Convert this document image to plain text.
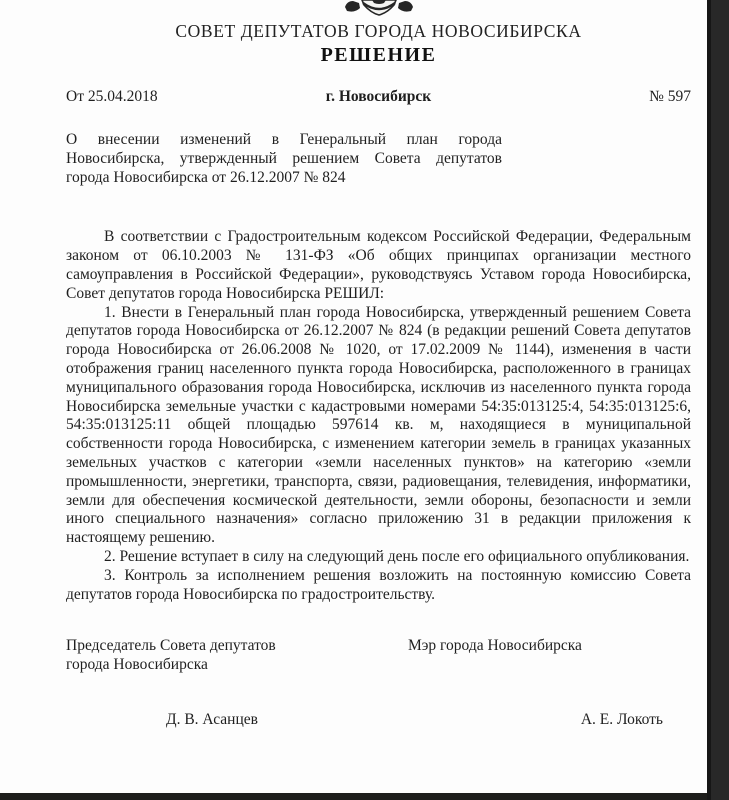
СОВЕТ ДЕПУТАТОВ ГОРОДА НОВОСИБИРСКА
РЕШЕНИЕ
От 25.04.2018	г. Новосибирск	№ 597
О внесении изменений в Генеральный план города Новосибирска, утвержденный решением Совета депутатов города Новосибирска от 26.12.2007 № 824

В соответствии с Градостроительным кодексом Российской Федерации, Федеральным законом от 06.10.2003 № 131-ФЗ «Об общих принципах организации местного самоуправления в Российской Федерации», руководствуясь Уставом города Новосибирска, Совет депутатов города Новосибирска РЕШИЛ:

1. Внести в Генеральный план города Новосибирска, утвержденный решением Совета депутатов города Новосибирска от 26.12.2007 № 824 (в редакции решений Совета депутатов города Новосибирска от 26.06.2008 № 1020, от 17.02.2009 № 1144), изменения в части отображения границ населенного пункта города Новосибирска, расположенного в границах муниципального образования города Новосибирска, исключив из населенного пункта города Новосибирска земельные участки с кадастровыми номерами 54:35:013125:4, 54:35:013125:6, 54:35:013125:11 общей площадью 597614 кв. м, находящиеся в муниципальной собственности города Новосибирска, с изменением категории земель в границах указанных земельных участков с категории «земли населенных пунктов» на категорию «земли промышленности, энергетики, транспорта, связи, радиовещания, телевидения, информатики, земли для обеспечения космической деятельности, земли обороны, безопасности и земли иного специального назначения» согласно приложению 31 в редакции приложения к настоящему решению.

2. Решение вступает в силу на следующий день после его официального опубликования.

3. Контроль за исполнением решения возложить на постоянную комиссию Совета депутатов города Новосибирска по градостроительству.

Председатель Совета депутатов
города Новосибирска
Мэр города Новосибирска
Д. В. Асанцев	А. Е. Локоть
